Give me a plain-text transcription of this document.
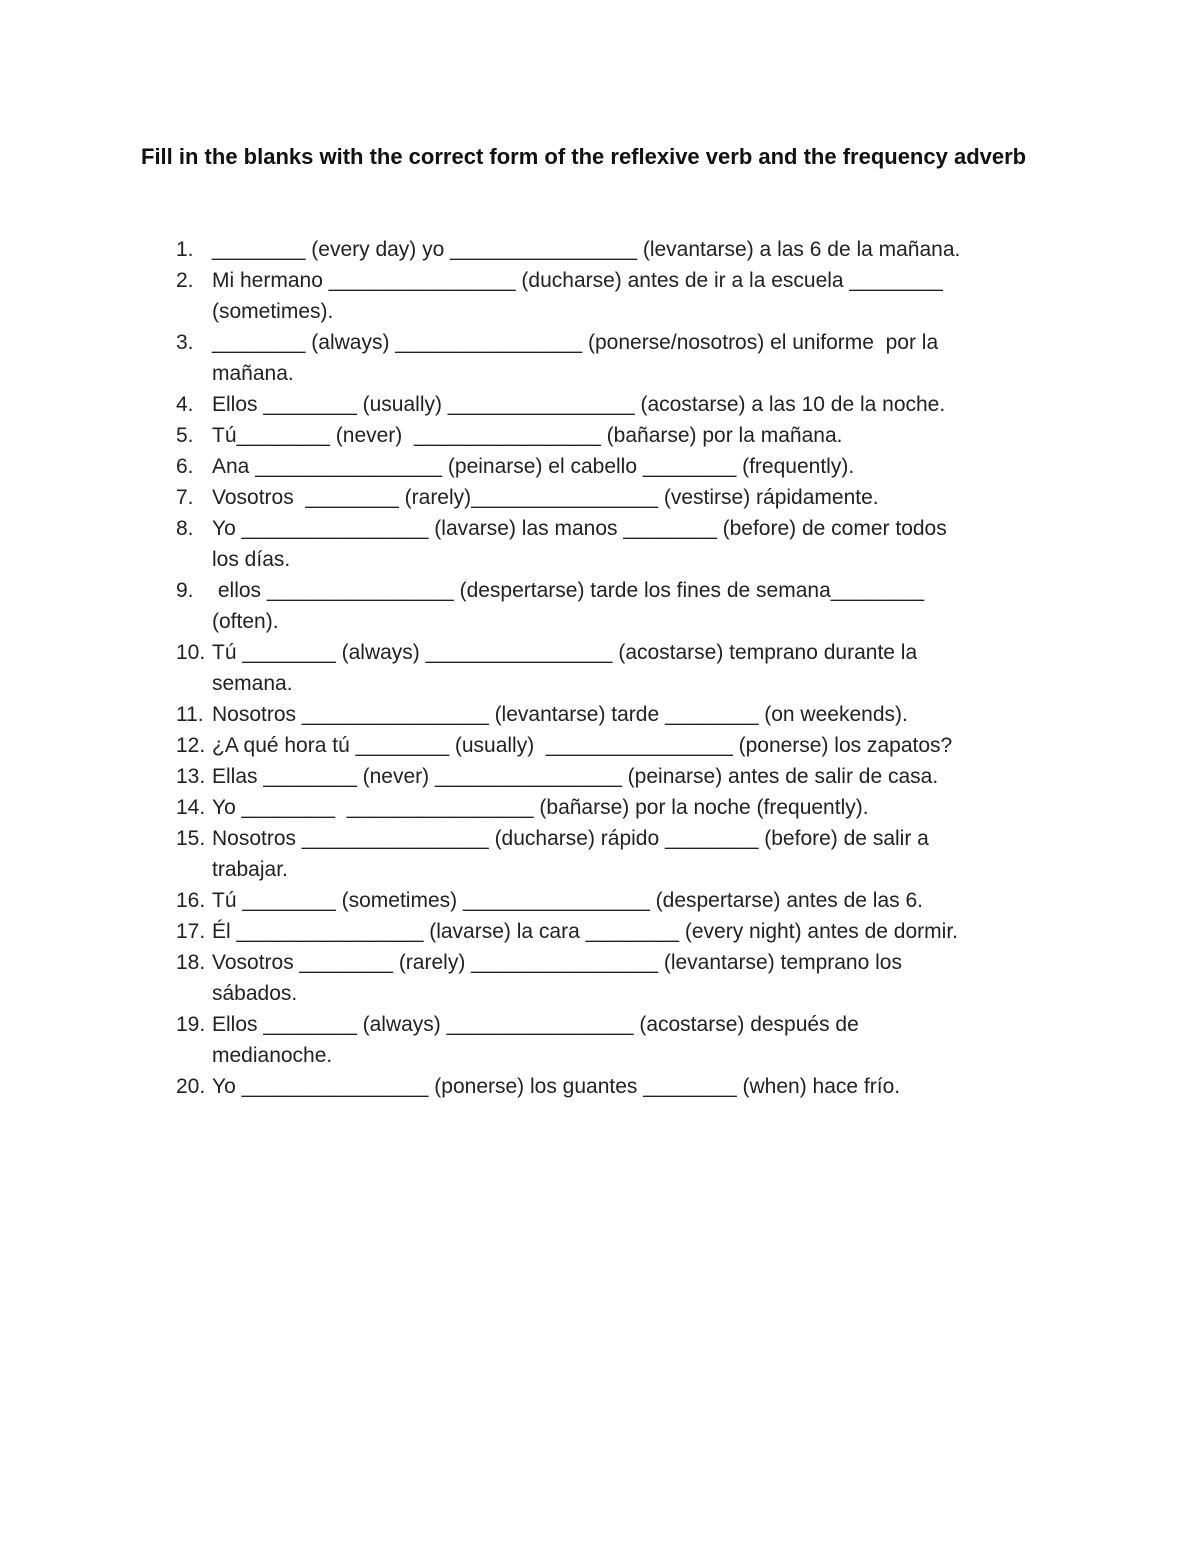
Fill in the blanks with the correct form of the reflexive verb and the frequency adverb
1. ________ (every day) yo ________________ (levantarse) a las 6 de la mañana.
2. Mi hermano ________________ (ducharse) antes de ir a la escuela ________
(sometimes).
3. ________ (always) ________________ (ponerse/nosotros) el uniforme  por la
mañana.
4. Ellos ________ (usually) ________________ (acostarse) a las 10 de la noche.
5. Tú________ (never)  ________________ (bañarse) por la mañana.
6. Ana ________________ (peinarse) el cabello ________ (frequently).
7. Vosotros  ________ (rarely)________________ (vestirse) rápidamente.
8. Yo ________________ (lavarse) las manos ________ (before) de comer todos
los días.
9. ellos ________________ (despertarse) tarde los fines de semana________
(often).
10. Tú ________ (always) ________________ (acostarse) temprano durante la
semana.
11. Nosotros ________________ (levantarse) tarde ________ (on weekends).
12. ¿A qué hora tú ________ (usually)  ________________ (ponerse) los zapatos?
13. Ellas ________ (never) ________________ (peinarse) antes de salir de casa.
14. Yo ________  ________________ (bañarse) por la noche (frequently).
15. Nosotros ________________ (ducharse) rápido ________ (before) de salir a
trabajar.
16. Tú ________ (sometimes) ________________ (despertarse) antes de las 6.
17. Él ________________ (lavarse) la cara ________ (every night) antes de dormir.
18. Vosotros ________ (rarely) ________________ (levantarse) temprano los
sábados.
19. Ellos ________ (always) ________________ (acostarse) después de
medianoche.
20. Yo ________________ (ponerse) los guantes ________ (when) hace frío.
